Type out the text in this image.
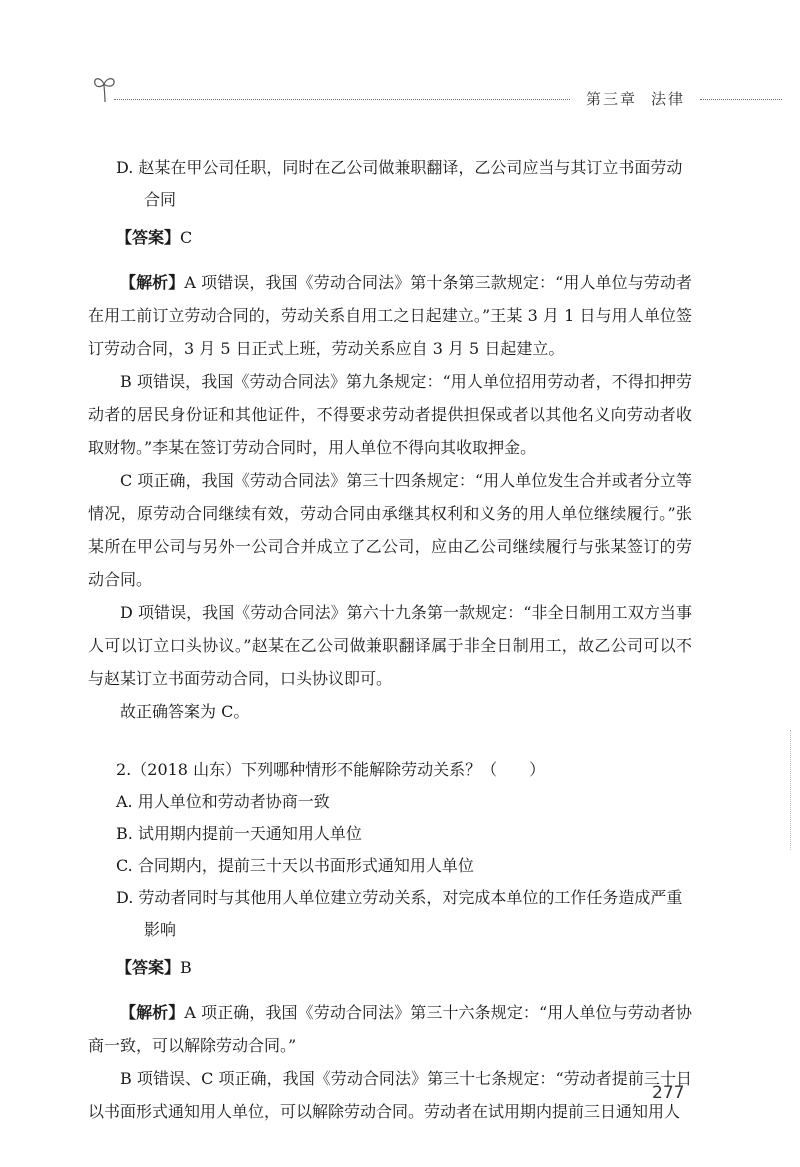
第三章 法律
D. 赵某在甲公司任职，同时在乙公司做兼职翻译，乙公司应当与其订立书面劳动
合同
【答案】C
【解析】A 项错误，我国《劳动合同法》第十条第三款规定：“用人单位与劳动者在用工前订立劳动合同的，劳动关系自用工之日起建立。”王某 3 月 1 日与用人单位签订劳动合同，3 月 5 日正式上班，劳动关系应自 3 月 5 日起建立。
B 项错误，我国《劳动合同法》第九条规定：“用人单位招用劳动者，不得扣押劳动者的居民身份证和其他证件，不得要求劳动者提供担保或者以其他名义向劳动者收取财物。”李某在签订劳动合同时，用人单位不得向其收取押金。
C 项正确，我国《劳动合同法》第三十四条规定：“用人单位发生合并或者分立等情况，原劳动合同继续有效，劳动合同由承继其权利和义务的用人单位继续履行。”张某所在甲公司与另外一公司合并成立了乙公司，应由乙公司继续履行与张某签订的劳动合同。
D 项错误，我国《劳动合同法》第六十九条第一款规定：“非全日制用工双方当事人可以订立口头协议。”赵某在乙公司做兼职翻译属于非全日制用工，故乙公司可以不与赵某订立书面劳动合同，口头协议即可。
故正确答案为 C。
2.（2018 山东）下列哪种情形不能解除劳动关系？（　　）
A. 用人单位和劳动者协商一致
B. 试用期内提前一天通知用人单位
C. 合同期内，提前三十天以书面形式通知用人单位
D. 劳动者同时与其他用人单位建立劳动关系，对完成本单位的工作任务造成严重
影响
【答案】B
【解析】A 项正确，我国《劳动合同法》第三十六条规定：“用人单位与劳动者协商一致，可以解除劳动合同。”
B 项错误、C 项正确，我国《劳动合同法》第三十七条规定：“劳动者提前三十日以书面形式通知用人单位，可以解除劳动合同。劳动者在试用期内提前三日通知用人
277
